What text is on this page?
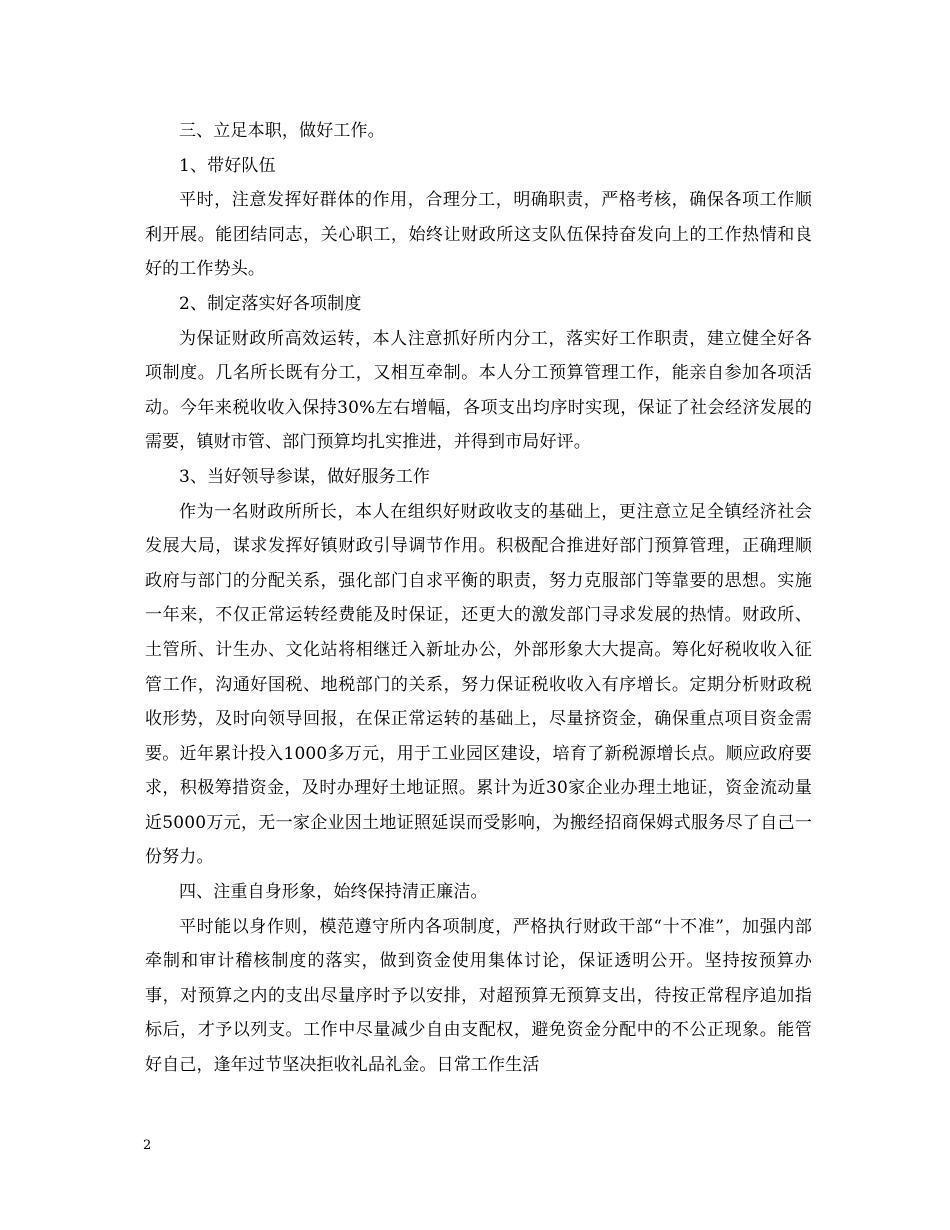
三、立足本职，做好工作。

1、带好队伍

平时，注意发挥好群体的作用，合理分工，明确职责，严格考核，确保各项工作顺利开展。能团结同志，关心职工，始终让财政所这支队伍保持奋发向上的工作热情和良好的工作势头。

2、制定落实好各项制度

为保证财政所高效运转，本人注意抓好所内分工，落实好工作职责，建立健全好各项制度。几名所长既有分工，又相互牵制。本人分工预算管理工作，能亲自参加各项活动。今年来税收收入保持30%左右增幅，各项支出均序时实现，保证了社会经济发展的需要，镇财市管、部门预算均扎实推进，并得到市局好评。

3、当好领导参谋，做好服务工作

作为一名财政所所长，本人在组织好财政收支的基础上，更注意立足全镇经济社会发展大局，谋求发挥好镇财政引导调节作用。积极配合推进好部门预算管理，正确理顺政府与部门的分配关系，强化部门自求平衡的职责，努力克服部门等靠要的思想。实施一年来，不仅正常运转经费能及时保证，还更大的激发部门寻求发展的热情。财政所、土管所、计生办、文化站将相继迁入新址办公，外部形象大大提高。筹化好税收收入征管工作，沟通好国税、地税部门的关系，努力保证税收收入有序增长。定期分析财政税收形势，及时向领导回报，在保正常运转的基础上，尽量挤资金，确保重点项目资金需要。近年累计投入1000多万元，用于工业园区建设，培育了新税源增长点。顺应政府要求，积极筹措资金，及时办理好土地证照。累计为近30家企业办理土地证，资金流动量近5000万元，无一家企业因土地证照延误而受影响，为搬经招商保姆式服务尽了自己一份努力。

四、注重自身形象，始终保持清正廉洁。

平时能以身作则，模范遵守所内各项制度，严格执行财政干部“十不准”，加强内部牵制和审计稽核制度的落实，做到资金使用集体讨论，保证透明公开。坚持按预算办事，对预算之内的支出尽量序时予以安排，对超预算无预算支出，待按正常程序追加指标后，才予以列支。工作中尽量减少自由支配权，避免资金分配中的不公正现象。能管好自己，逢年过节坚决拒收礼品礼金。日常工作生活

2
